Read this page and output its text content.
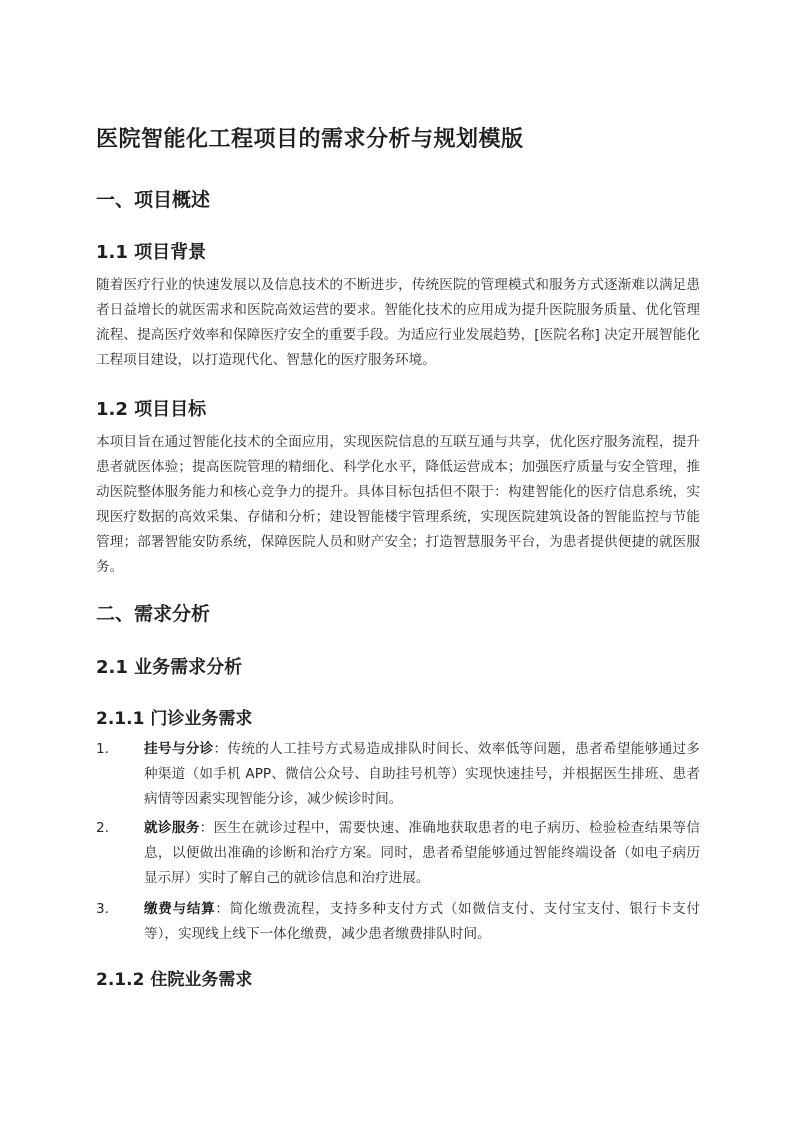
医院智能化工程项目的需求分析与规划模版
一、项目概述
1.1 项目背景

随着医疗行业的快速发展以及信息技术的不断进步，传统医院的管理模式和服务方式逐渐难以满足患者日益增长的就医需求和医院高效运营的要求。智能化技术的应用成为提升医院服务质量、优化管理流程、提高医疗效率和保障医疗安全的重要手段。为适应行业发展趋势，[医院名称] 决定开展智能化工程项目建设，以打造现代化、智慧化的医疗服务环境。

1.2 项目目标

本项目旨在通过智能化技术的全面应用，实现医院信息的互联互通与共享，优化医疗服务流程，提升患者就医体验；提高医院管理的精细化、科学化水平，降低运营成本；加强医疗质量与安全管理，推动医院整体服务能力和核心竞争力的提升。具体目标包括但不限于：构建智能化的医疗信息系统，实现医疗数据的高效采集、存储和分析；建设智能楼宇管理系统，实现医院建筑设备的智能监控与节能管理；部署智能安防系统，保障医院人员和财产安全；打造智慧服务平台，为患者提供便捷的就医服务。

二、需求分析
2.1 业务需求分析
2.1.1 门诊业务需求
1.	挂号与分诊：传统的人工挂号方式易造成排队时间长、效率低等问题，患者希望能够通过多种渠道（如手机 APP、微信公众号、自助挂号机等）实现快速挂号，并根据医生排班、患者病情等因素实现智能分诊，减少候诊时间。

2.	就诊服务：医生在就诊过程中，需要快速、准确地获取患者的电子病历、检验检查结果等信息，以便做出准确的诊断和治疗方案。同时，患者希望能够通过智能终端设备（如电子病历显示屏）实时了解自己的就诊信息和治疗进展。

3.	缴费与结算：简化缴费流程，支持多种支付方式（如微信支付、支付宝支付、银行卡支付等），实现线上线下一体化缴费，减少患者缴费排队时间。

2.1.2 住院业务需求
